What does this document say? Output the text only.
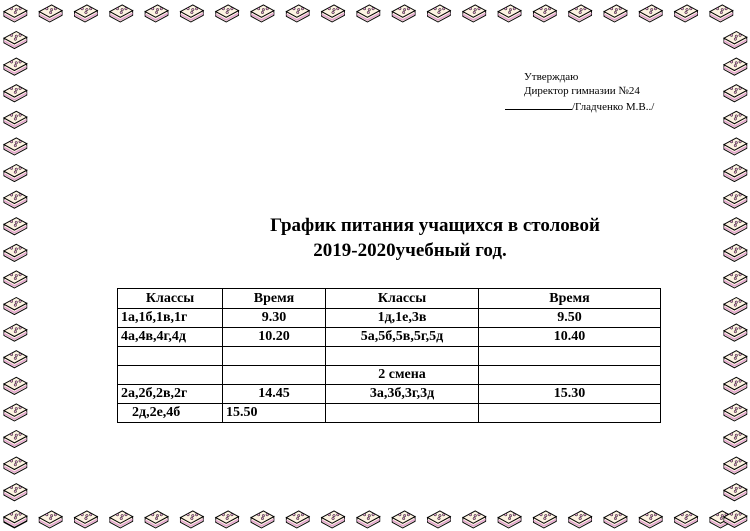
Утверждаю
Директор гимназии №24
/Гладченко М.В../
График питания учащихся в столовой
2019-2020учебный год.
Классы	Время	Классы	Время
1а,1б,1в,1г	9.30	1д,1е,3в	9.50
4а,4в,4г,4д	10.20	5а,5б,5в,5г,5д	10.40

		2 смена	
2а,2б,2в,2г	14.45	3а,3б,3г,3д	15.30
2д,2е,4б	15.50		
